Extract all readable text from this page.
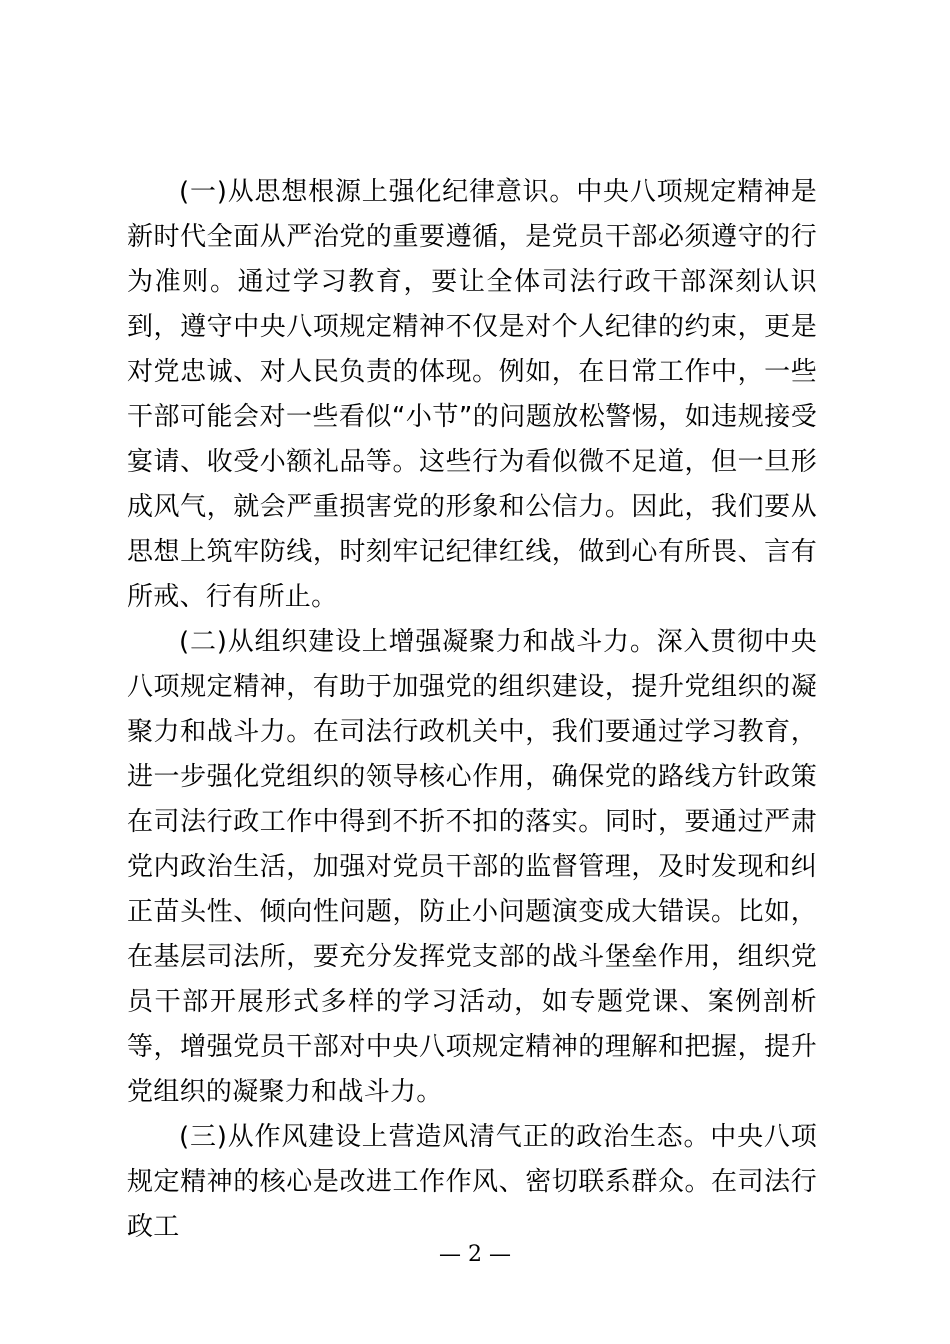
(一)从思想根源上强化纪律意识。中央八项规定精神是新时代全面从严治党的重要遵循，是党员干部必须遵守的行为准则。通过学习教育，要让全体司法行政干部深刻认识到，遵守中央八项规定精神不仅是对个人纪律的约束，更是对党忠诚、对人民负责的体现。例如，在日常工作中，一些干部可能会对一些看似“小节”的问题放松警惕，如违规接受宴请、收受小额礼品等。这些行为看似微不足道，但一旦形成风气，就会严重损害党的形象和公信力。因此，我们要从思想上筑牢防线，时刻牢记纪律红线，做到心有所畏、言有所戒、行有所止。

(二)从组织建设上增强凝聚力和战斗力。深入贯彻中央八项规定精神，有助于加强党的组织建设，提升党组织的凝聚力和战斗力。在司法行政机关中，我们要通过学习教育，进一步强化党组织的领导核心作用，确保党的路线方针政策在司法行政工作中得到不折不扣的落实。同时，要通过严肃党内政治生活，加强对党员干部的监督管理，及时发现和纠正苗头性、倾向性问题，防止小问题演变成大错误。比如，在基层司法所，要充分发挥党支部的战斗堡垒作用，组织党员干部开展形式多样的学习活动，如专题党课、案例剖析等，增强党员干部对中央八项规定精神的理解和把握，提升党组织的凝聚力和战斗力。

(三)从作风建设上营造风清气正的政治生态。中央八项规定精神的核心是改进工作作风、密切联系群众。在司法行政工

— 2 —
